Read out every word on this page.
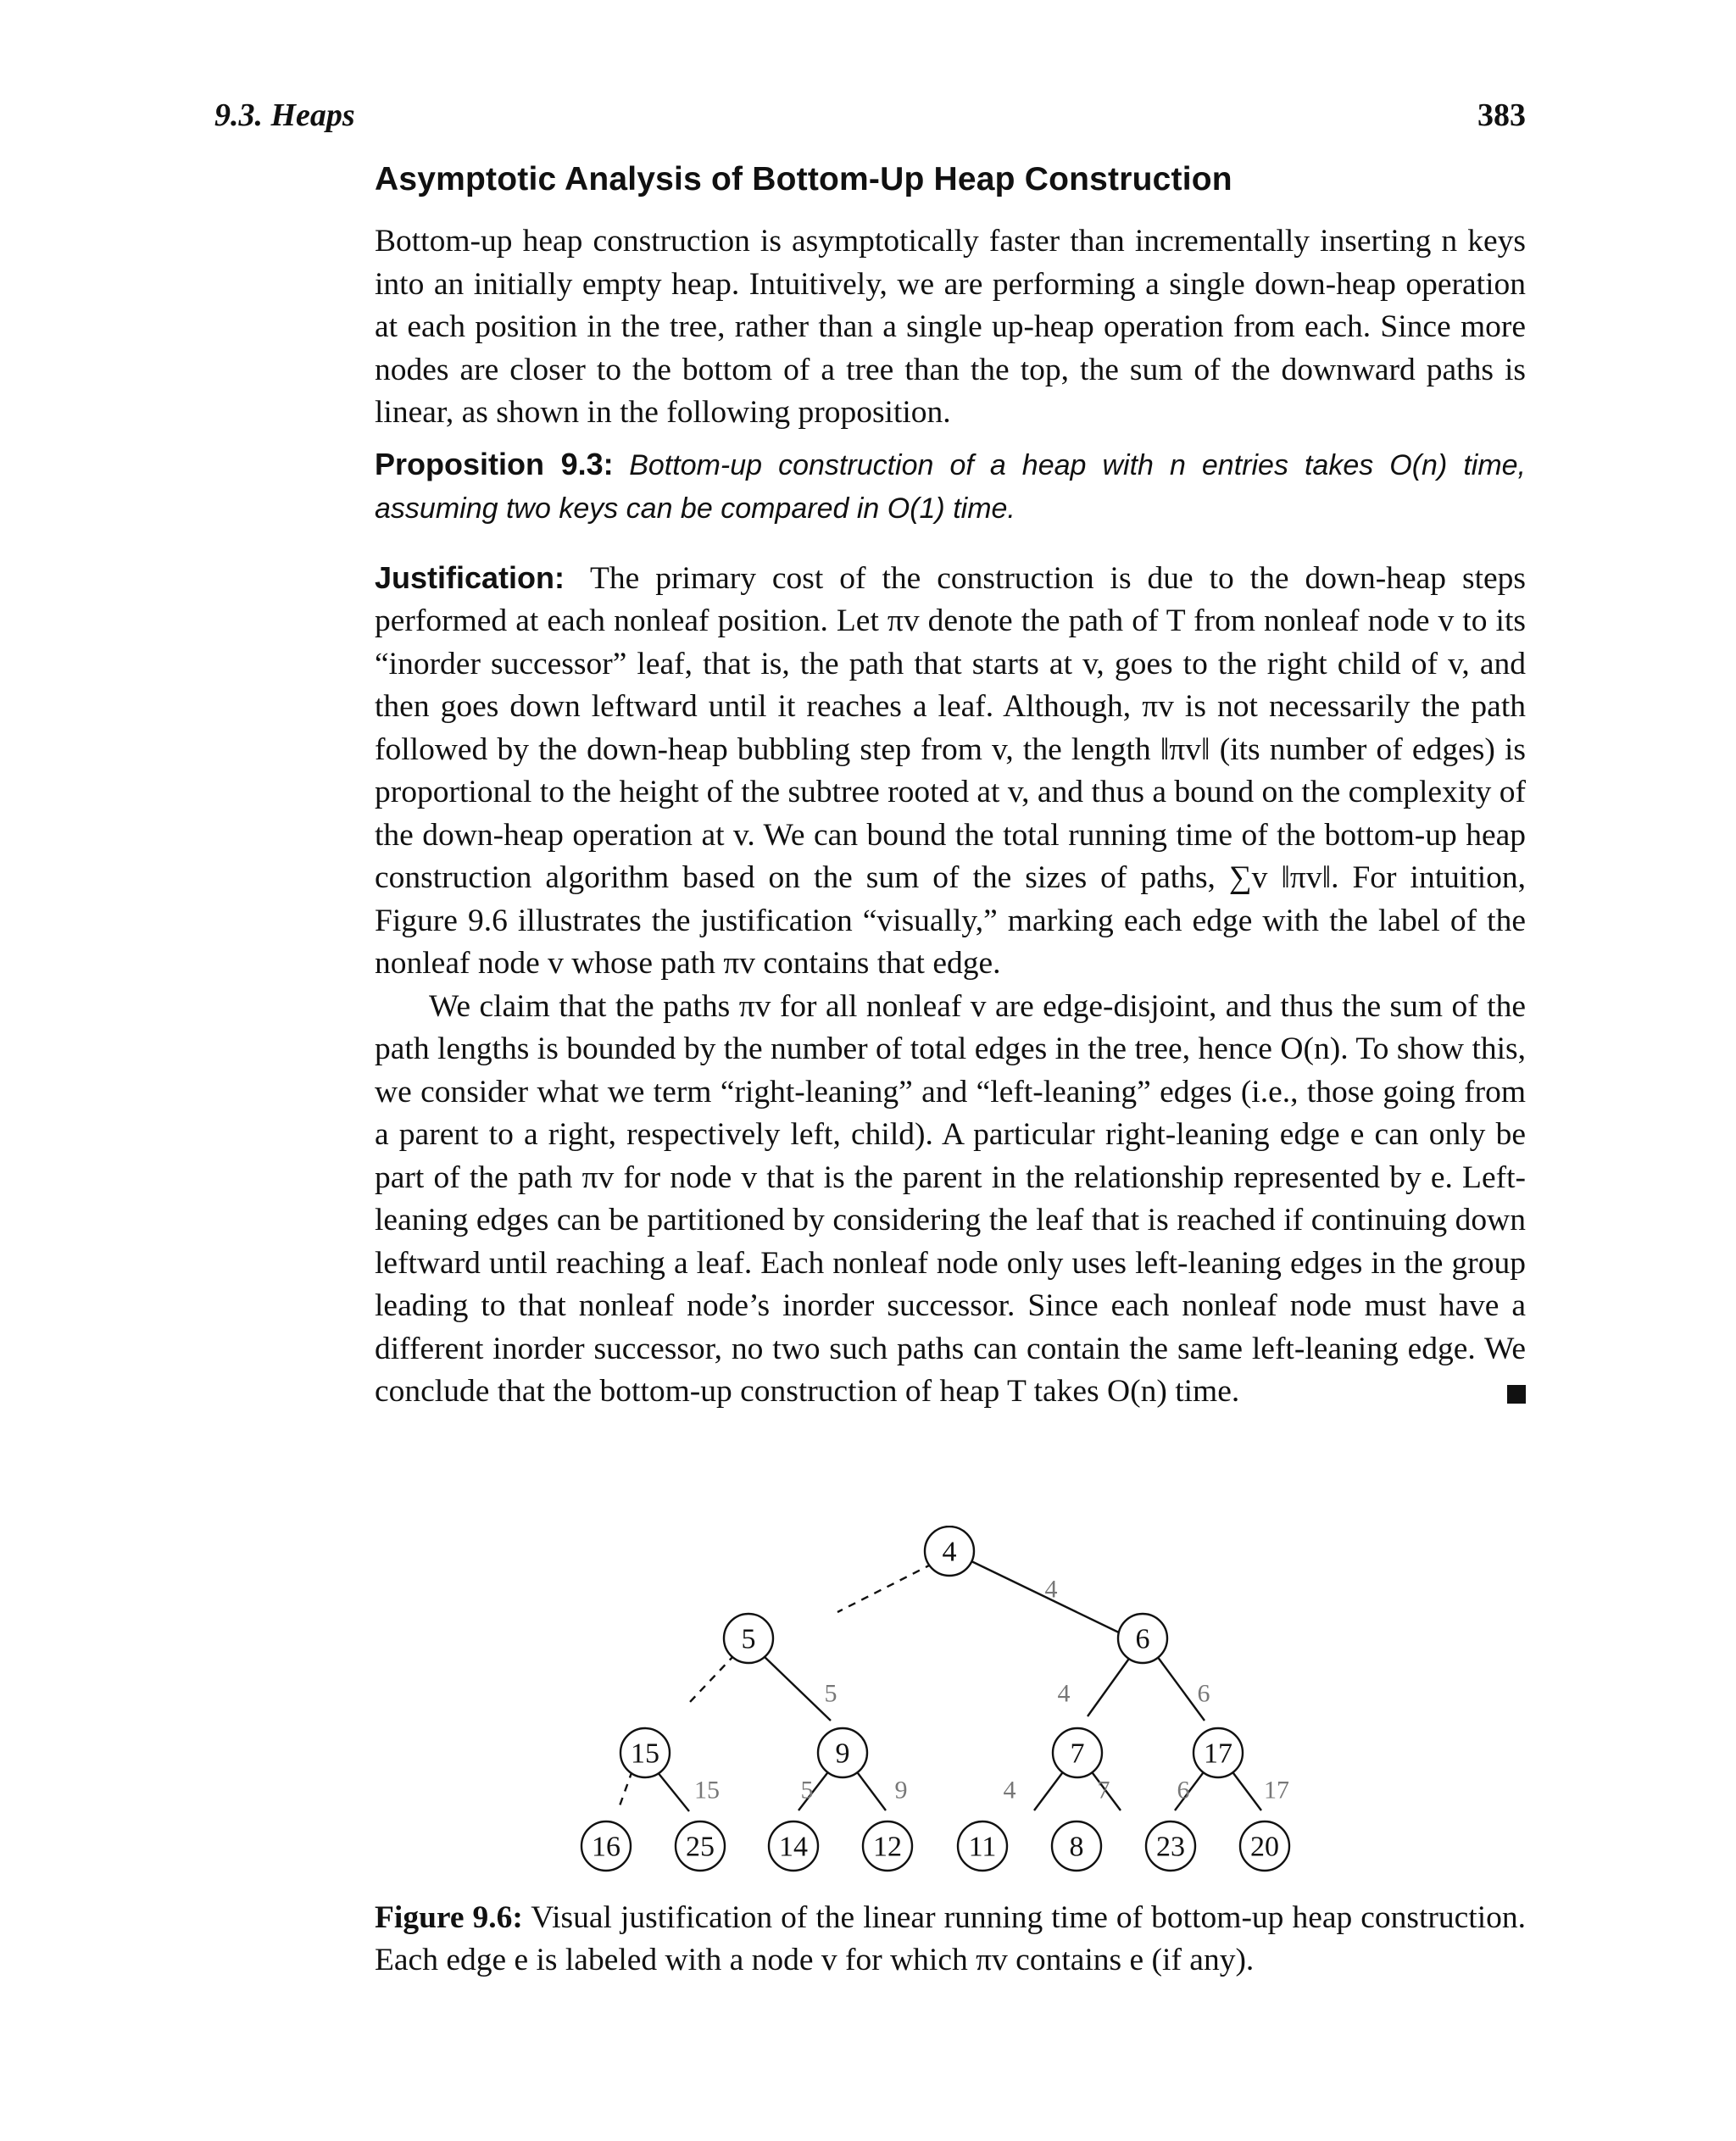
9.3. Heaps	383
Asymptotic Analysis of Bottom-Up Heap Construction

Bottom-up heap construction is asymptotically faster than incrementally inserting n keys into an initially empty heap. Intuitively, we are performing a single down-heap operation at each position in the tree, rather than a single up-heap operation from each. Since more nodes are closer to the bottom of a tree than the top, the sum of the downward paths is linear, as shown in the following proposition.

Proposition 9.3: Bottom-up construction of a heap with n entries takes O(n) time, assuming two keys can be compared in O(1) time.

Justification: The primary cost of the construction is due to the down-heap steps performed at each nonleaf position. Let πv denote the path of T from nonleaf node v to its “inorder successor” leaf, that is, the path that starts at v, goes to the right child of v, and then goes down leftward until it reaches a leaf. Although, πv is not necessarily the path followed by the down-heap bubbling step from v, the length ‖πv‖ (its number of edges) is proportional to the height of the subtree rooted at v, and thus a bound on the complexity of the down-heap operation at v. We can bound the total running time of the bottom-up heap construction algorithm based on the sum of the sizes of paths, ∑v ‖πv‖. For intuition, Figure 9.6 illustrates the justification “visually,” marking each edge with the label of the nonleaf node v whose path πv contains that edge.

We claim that the paths πv for all nonleaf v are edge-disjoint, and thus the sum of the path lengths is bounded by the number of total edges in the tree, hence O(n). To show this, we consider what we term “right-leaning” and “left-leaning” edges (i.e., those going from a parent to a right, respectively left, child). A particular right-leaning edge e can only be part of the path πv for node v that is the parent in the relationship represented by e. Left-leaning edges can be partitioned by considering the leaf that is reached if continuing down leftward until reaching a leaf. Each nonleaf node only uses left-leaning edges in the group leading to that nonleaf node’s inorder successor. Since each nonleaf node must have a different inorder successor, no two such paths can contain the same left-leaning edge. We conclude that the bottom-up construction of heap T takes O(n) time.

4
5	6
15	9	7	17
16 25 14 12 11	8	23 20
4
5	4	6
15	5	9	4	7	6	17
Figure 9.6: Visual justification of the linear running time of bottom-up heap construction. Each edge e is labeled with a node v for which πv contains e (if any).
